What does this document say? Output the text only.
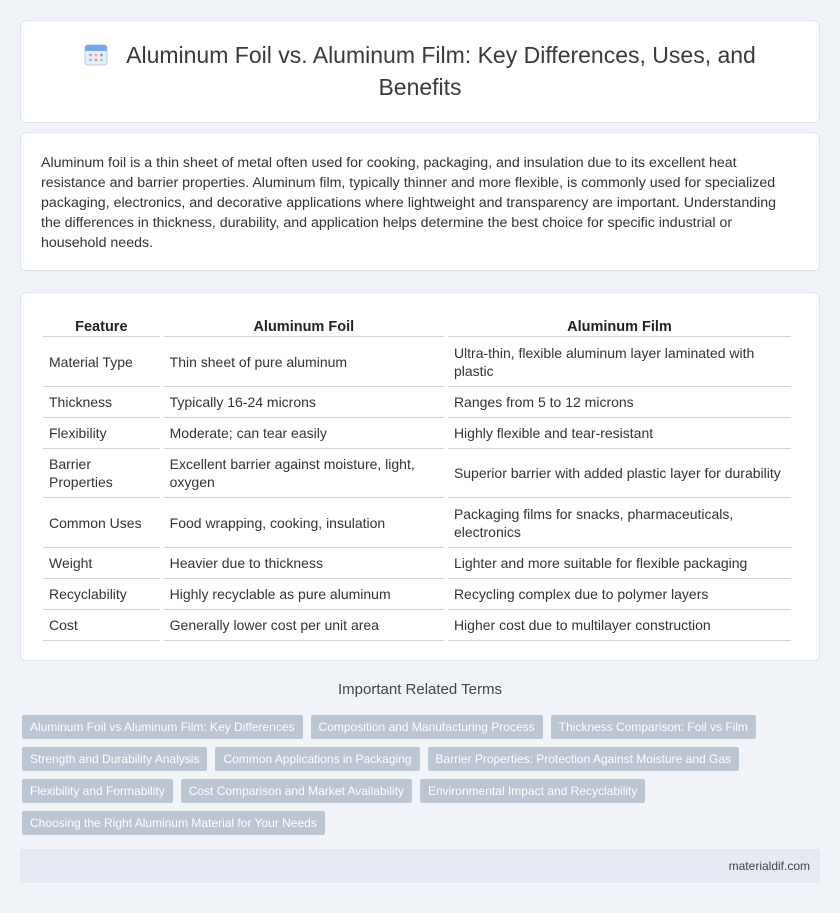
Aluminum Foil vs. Aluminum Film: Key Differences, Uses, and Benefits

Aluminum foil is a thin sheet of metal often used for cooking, packaging, and insulation due to its excellent heat resistance and barrier properties. Aluminum film, typically thinner and more flexible, is commonly used for specialized packaging, electronics, and decorative applications where lightweight and transparency are important. Understanding the differences in thickness, durability, and application helps determine the best choice for specific industrial or household needs.

Feature	Aluminum Foil	Aluminum Film
Material Type	Thin sheet of pure aluminum	Ultra-thin, flexible aluminum layer laminated with plastic
Thickness	Typically 16-24 microns	Ranges from 5 to 12 microns
Flexibility	Moderate; can tear easily	Highly flexible and tear-resistant
Barrier Properties	Excellent barrier against moisture, light, oxygen	Superior barrier with added plastic layer for durability
Common Uses	Food wrapping, cooking, insulation	Packaging films for snacks, pharmaceuticals, electronics
Weight	Heavier due to thickness	Lighter and more suitable for flexible packaging
Recyclability	Highly recyclable as pure aluminum	Recycling complex due to polymer layers
Cost	Generally lower cost per unit area	Higher cost due to multilayer construction
Important Related Terms
Aluminum Foil vs Aluminum Film: Key Differences	Composition and Manufacturing Process	Thickness Comparison: Foil vs Film
Strength and Durability Analysis	Common Applications in Packaging	Barrier Properties: Protection Against Moisture and Gas
Flexibility and Formability	Cost Comparison and Market Availability	Environmental Impact and Recyclability
Choosing the Right Aluminum Material for Your Needs
materialdif.com
